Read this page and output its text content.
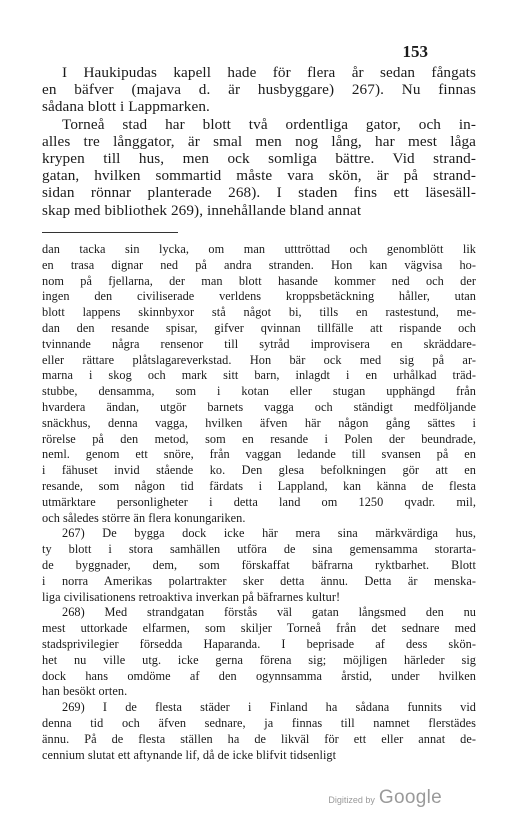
153

I Haukipudas kapell hade för flera år sedan fångats
en bäfver (majava d. är husbyggare) 267). Nu finnas
sådana blott i Lappmarken.

Torneå stad har blott två ordentliga gator, och in-
alles tre långgator, är smal men nog lång, har mest låga
krypen till hus, men ock somliga bättre. Vid strand-
gatan, hvilken sommartid måste vara skön, är på strand-
sidan rönnar planterade 268). I staden fins ett läsesäll-
skap med bibliothek 269), innehållande bland annat

dan tacka sin lycka, om man utttröttad och genomblött lik
en trasa dignar ned på andra stranden. Hon kan vägvisa ho-
nom på fjellarna, der man blott hasande kommer ned och der
ingen den civiliserade verldens kroppsbetäckning håller, utan
blott lappens skinnbyxor stå något bi, tills en rastestund, me-
dan den resande spisar, gifver qvinnan tillfälle att rispande och
tvinnande några rensenor till sytråd improvisera en skräddare-
eller rättare plåtslagareverkstad. Hon bär ock med sig på ar-
marna i skog och mark sitt barn, inlagdt i en urhålkad träd-
stubbe, densamma, som i kotan eller stugan upphängd från
hvardera ändan, utgör barnets vagga och ständigt medföljande
snäckhus, denna vagga, hvilken äfven här någon gång sättes i
rörelse på den metod, som en resande i Polen der beundrade,
neml. genom ett snöre, från vaggan ledande till svansen på en
i fähuset invid stående ko. Den glesa befolkningen gör att en
resande, som någon tid färdats i Lappland, kan känna de flesta
utmärktare personligheter i detta land om 1250 qvadr. mil,
och således större än flera konungariken.

267) De bygga dock icke här mera sina märkvärdiga hus,
ty blott i stora samhällen utföra de sina gemensamma storarta-
de byggnader, dem, som förskaffat bäfrarna ryktbarhet. Blott
i norra Amerikas polartrakter sker detta ännu. Detta är menska-
liga civilisationens retroaktiva inverkan på bäfrarnes kultur!

268) Med strandgatan förstås väl gatan långsmed den nu
mest uttorkade elfarmen, som skiljer Torneå från det sednare med
stadsprivilegier försedda Haparanda. I beprisade af dess skön-
het nu ville utg. icke gerna förena sig; möjligen härleder sig
dock hans omdöme af den ogynnsamma årstid, under hvilken
han besökt orten.

269) I de flesta städer i Finland ha sådana funnits vid
denna tid och äfven sednare, ja finnas till namnet flerstädes
ännu. På de flesta ställen ha de likväl för ett eller annat de-
cennium slutat ett aftynande lif, då de icke blifvit tidsenligt

Digitized by Google
